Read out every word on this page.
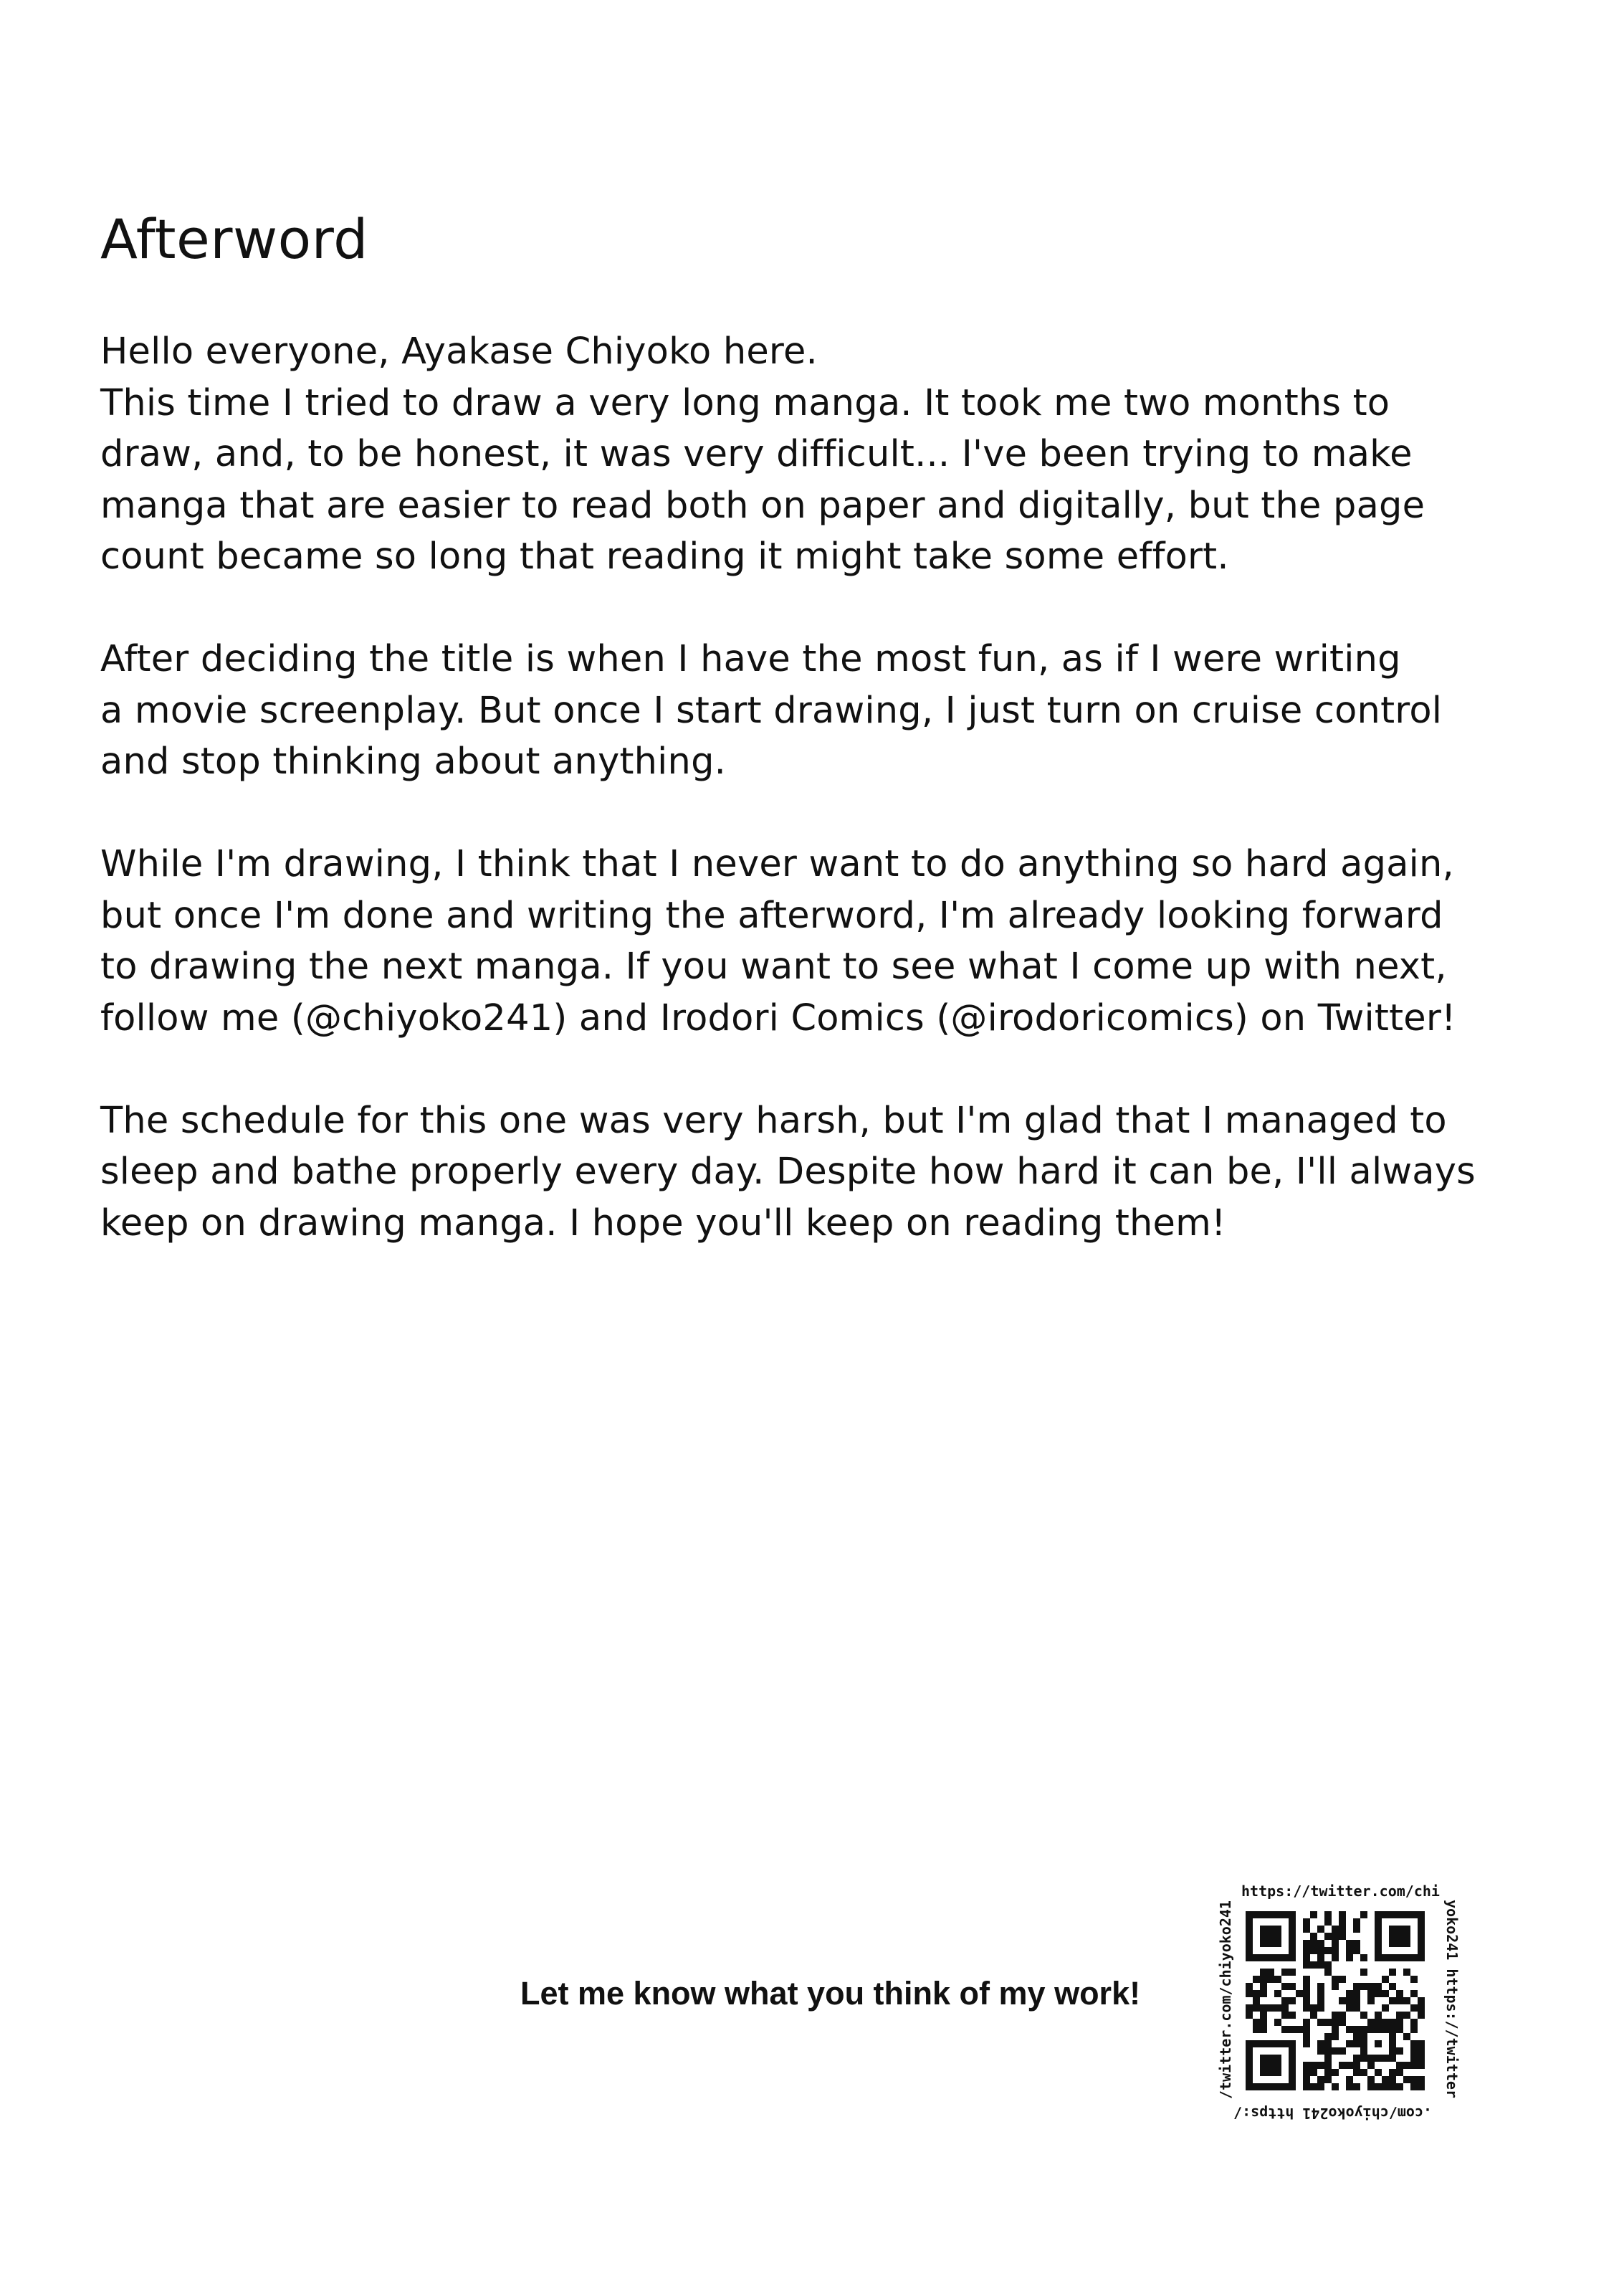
Afterword

Hello everyone, Ayakase Chiyoko here.
This time I tried to draw a very long manga. It took me two months to
draw, and, to be honest, it was very difficult... I've been trying to make
manga that are easier to read both on paper and digitally, but the page
count became so long that reading it might take some effort.

After deciding the title is when I have the most fun, as if I were writing
a movie screenplay. But once I start drawing, I just turn on cruise control
and stop thinking about anything.

While I'm drawing, I think that I never want to do anything so hard again,
but once I'm done and writing the afterword, I'm already looking forward
to drawing the next manga. If you want to see what I come up with next,
follow me (@chiyoko241) and Irodori Comics (@irodoricomics) on Twitter!

The schedule for this one was very harsh, but I'm glad that I managed to
sleep and bathe properly every day. Despite how hard it can be, I'll always
keep on drawing manga. I hope you'll keep on reading them!

Let me know what you think of my work!
https://twitter.com/chi
yoko241 https://twitter
.com/chiyoko241 https:/
/twitter.com/chiyoko241
